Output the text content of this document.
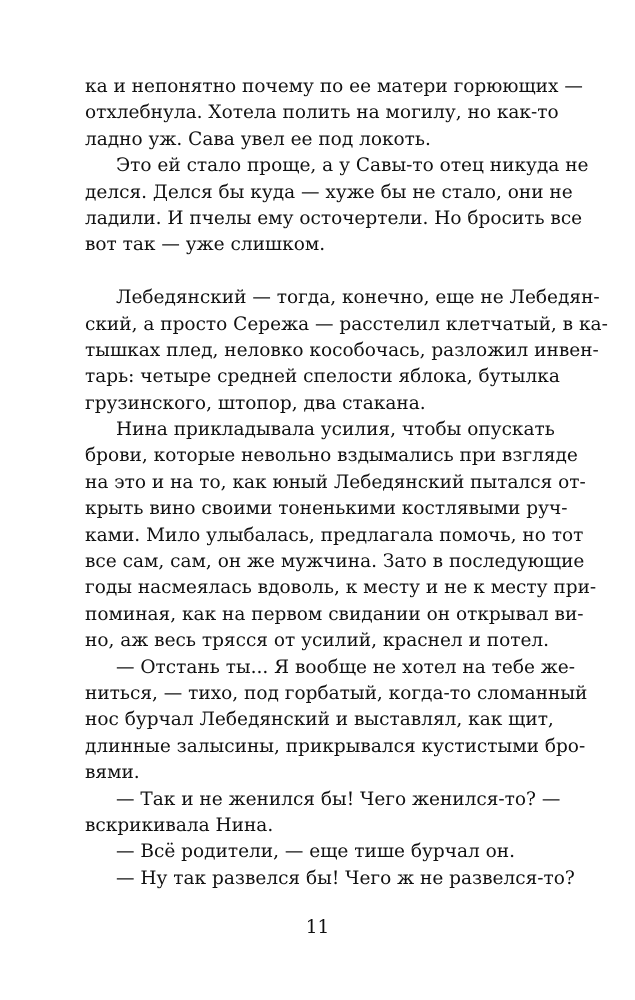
ка и непонятно почему по ее матери горюющих —
отхлебнула. Хотела полить на могилу, но как-то
ладно уж. Сава увел ее под локоть.
Это ей стало проще, а у Савы-то отец никуда не
делся. Делся бы куда — хуже бы не стало, они не
ладили. И пчелы ему осточертели. Но бросить все
вот так — уже слишком.
Лебедянский — тогда, конечно, еще не Лебедян-
ский, а просто Сережа — расстелил клетчатый, в ка-
тышках плед, неловко кособочась, разложил инвен-
тарь: четыре средней спелости яблока, бутылка
грузинского, штопор, два стакана.
Нина прикладывала усилия, чтобы опускать
брови, которые невольно вздымались при взгляде
на это и на то, как юный Лебедянский пытался от-
крыть вино своими тоненькими костлявыми руч-
ками. Мило улыбалась, предлагала помочь, но тот
все сам, сам, он же мужчина. Зато в последующие
годы насмеялась вдоволь, к месту и не к месту при-
поминая, как на первом свидании он открывал ви-
но, аж весь трясся от усилий, краснел и потел.
— Отстань ты... Я вообще не хотел на тебе же-
ниться, — тихо, под горбатый, когда-то сломанный
нос бурчал Лебедянский и выставлял, как щит,
длинные залысины, прикрывался кустистыми бро-
вями.
— Так и не женился бы! Чего женился-то? —
вскрикивала Нина.
— Всё родители, — еще тише бурчал он.
— Ну так развелся бы! Чего ж не развелся-то?
11
